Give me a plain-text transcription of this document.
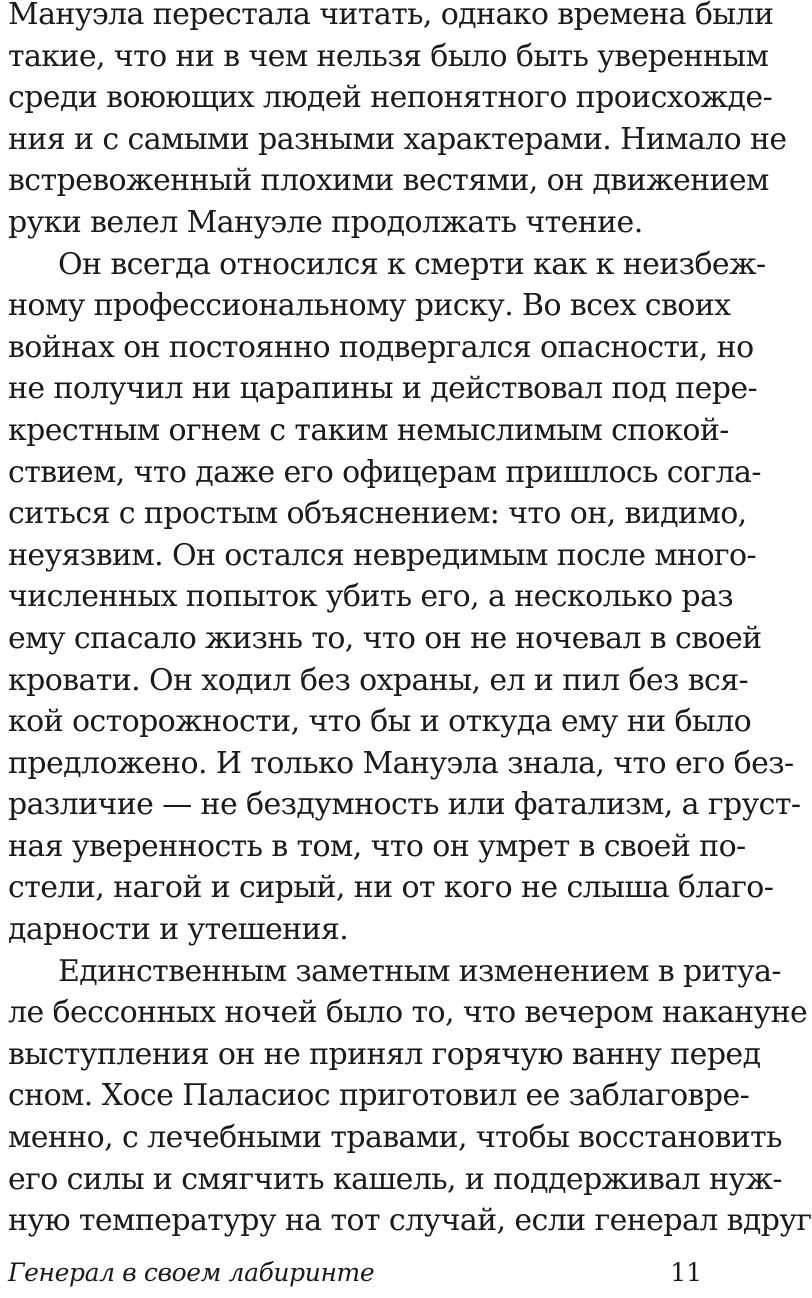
Мануэла перестала читать, однако времена были
такие, что ни в чем нельзя было быть уверенным
среди воюющих людей непонятного происхожде-
ния и с самыми разными характерами. Нимало не
встревоженный плохими вестями, он движением
руки велел Мануэле продолжать чтение.
Он всегда относился к смерти как к неизбеж-
ному профессиональному риску. Во всех своих
войнах он постоянно подвергался опасности, но
не получил ни царапины и действовал под пере-
крестным огнем с таким немыслимым спокой-
ствием, что даже его офицерам пришлось согла-
ситься с простым объяснением: что он, видимо,
неуязвим. Он остался невредимым после много-
численных попыток убить его, а несколько раз
ему спасало жизнь то, что он не ночевал в своей
кровати. Он ходил без охраны, ел и пил без вся-
кой осторожности, что бы и откуда ему ни было
предложено. И только Мануэла знала, что его без-
различие — не бездумность или фатализм, а груст-
ная уверенность в том, что он умрет в своей по-
стели, нагой и сирый, ни от кого не слыша благо-
дарности и утешения.
Единственным заметным изменением в ритуа-
ле бессонных ночей было то, что вечером накануне
выступления он не принял горячую ванну перед
сном. Хосе Паласиос приготовил ее заблаговре-
менно, с лечебными травами, чтобы восстановить
его силы и смягчить кашель, и поддерживал нуж-
ную температуру на тот случай, если генерал вдруг
Генерал в своем лабиринте	11
